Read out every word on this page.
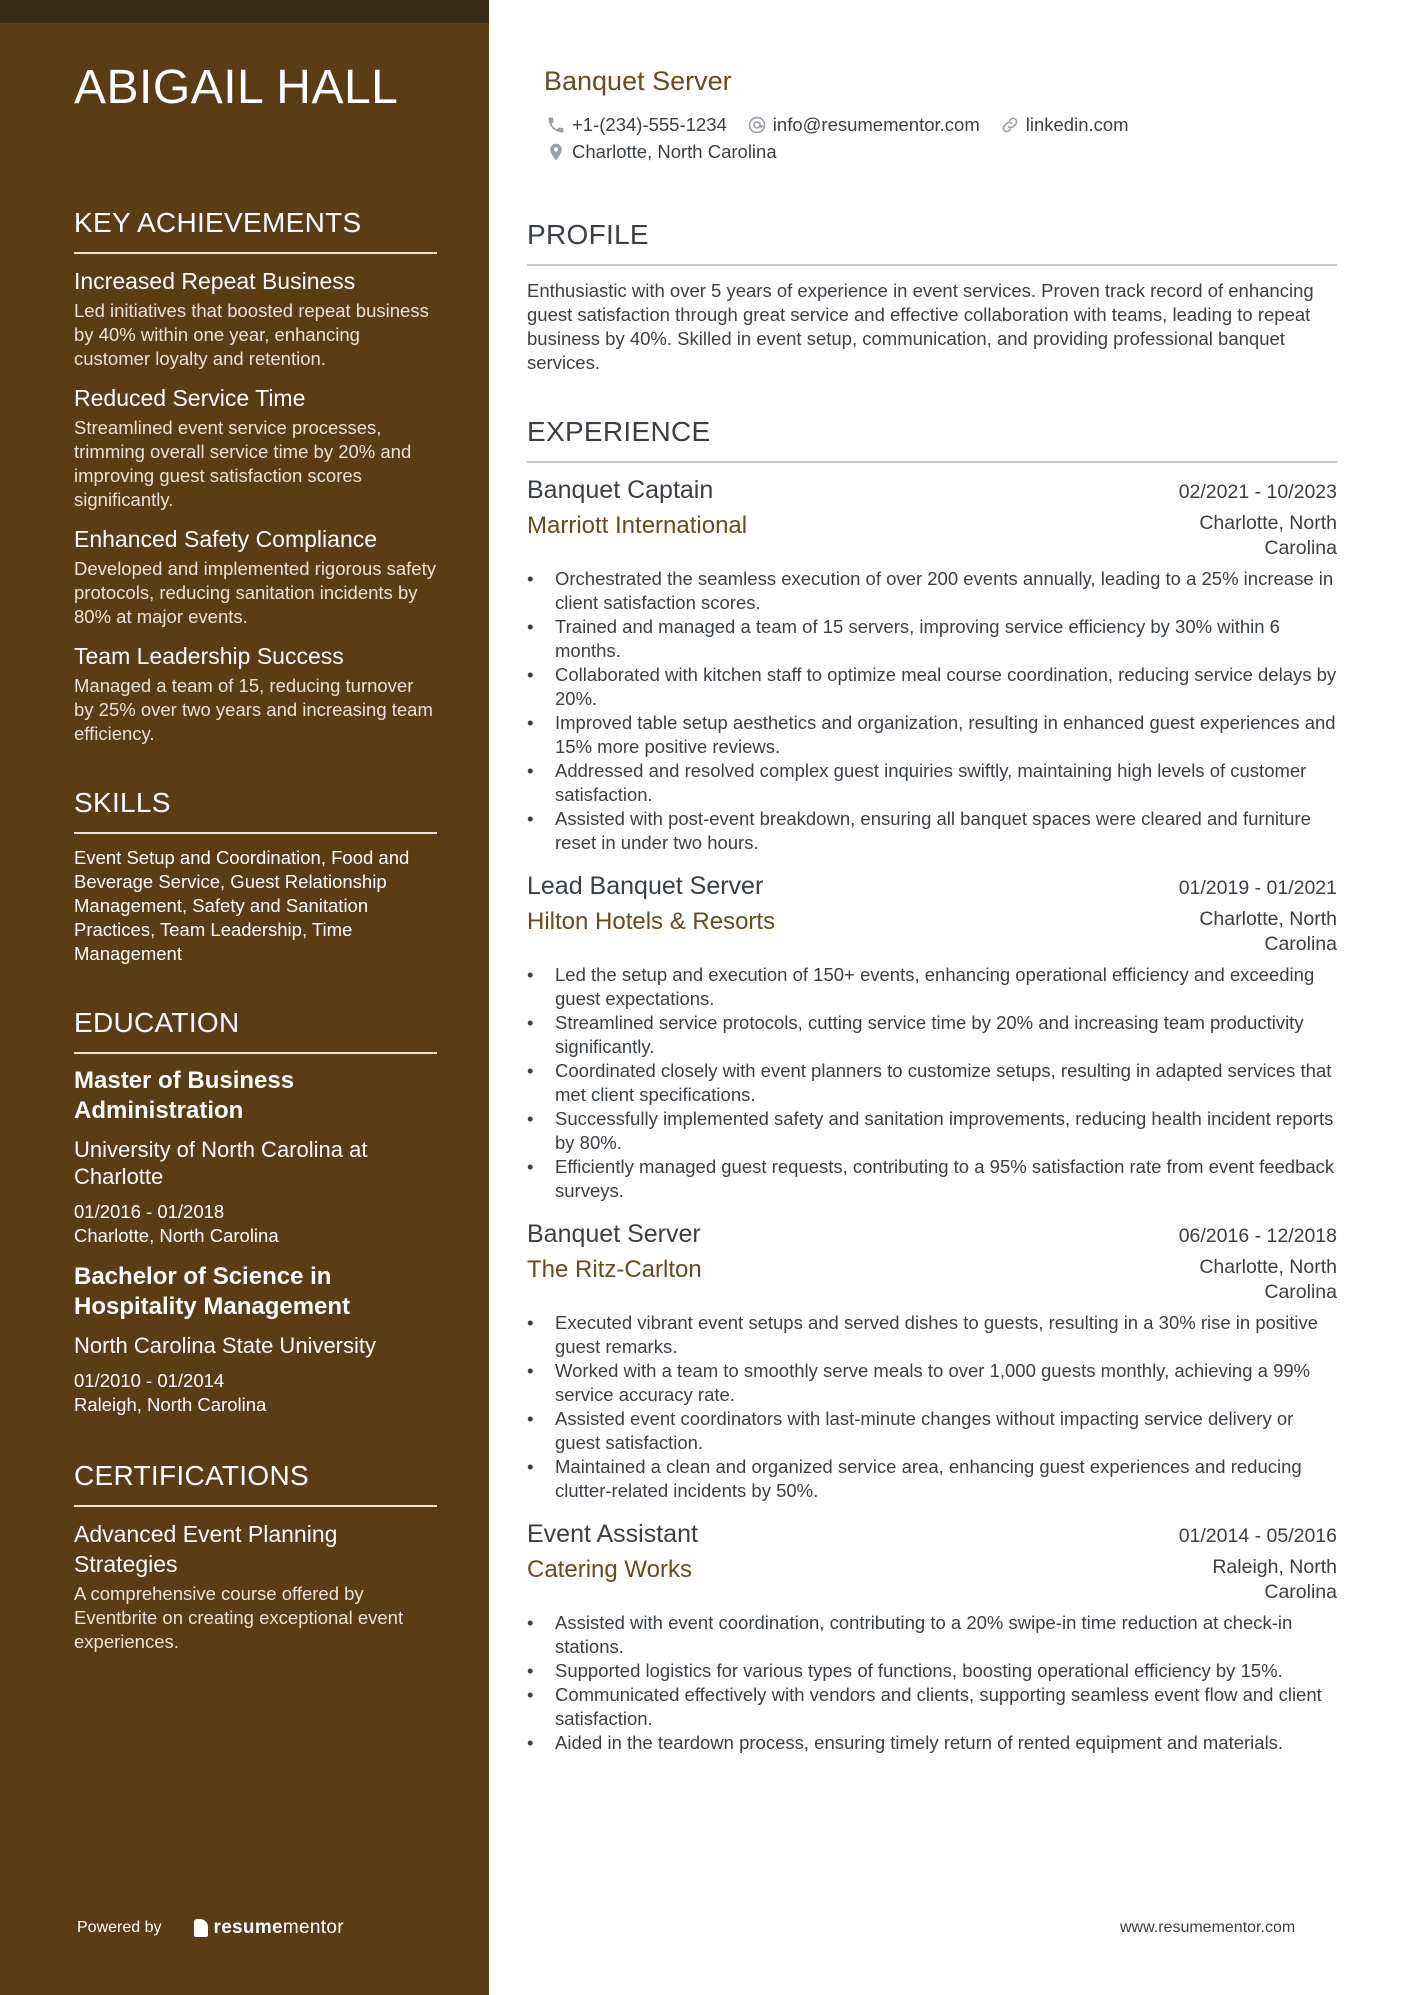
ABIGAIL HALL
KEY ACHIEVEMENTS
Increased Repeat Business
Led initiatives that boosted repeat business by 40% within one year, enhancing customer loyalty and retention.
Reduced Service Time
Streamlined event service processes, trimming overall service time by 20% and improving guest satisfaction scores significantly.
Enhanced Safety Compliance
Developed and implemented rigorous safety protocols, reducing sanitation incidents by 80% at major events.
Team Leadership Success
Managed a team of 15, reducing turnover by 25% over two years and increasing team efficiency.
SKILLS
Event Setup and Coordination, Food and Beverage Service, Guest Relationship Management, Safety and Sanitation Practices, Team Leadership, Time Management
EDUCATION
Master of Business Administration
University of North Carolina at Charlotte
01/2016 - 01/2018
Charlotte, North Carolina
Bachelor of Science in Hospitality Management
North Carolina State University
01/2010 - 01/2014
Raleigh, North Carolina
CERTIFICATIONS
Advanced Event Planning Strategies
A comprehensive course offered by Eventbrite on creating exceptional event experiences.
Powered by	resume mentor
Banquet Server
+1-(234)-555-1234 info@resumementor.com linkedin.com
Charlotte, North Carolina
PROFILE
Enthusiastic with over 5 years of experience in event services. Proven track record of enhancing guest satisfaction through great service and effective collaboration with teams, leading to repeat business by 40%. Skilled in event setup, communication, and providing professional banquet services.
EXPERIENCE
Banquet Captain	02/2021 - 10/2023
Marriott International	Charlotte, North Carolina
• Orchestrated the seamless execution of over 200 events annually, leading to a 25% increase in client satisfaction scores.
• Trained and managed a team of 15 servers, improving service efficiency by 30% within 6 months.
• Collaborated with kitchen staff to optimize meal course coordination, reducing service delays by 20%.
• Improved table setup aesthetics and organization, resulting in enhanced guest experiences and 15% more positive reviews.
• Addressed and resolved complex guest inquiries swiftly, maintaining high levels of customer satisfaction.
• Assisted with post-event breakdown, ensuring all banquet spaces were cleared and furniture reset in under two hours.
Lead Banquet Server	01/2019 - 01/2021
Hilton Hotels & Resorts	Charlotte, North Carolina
• Led the setup and execution of 150+ events, enhancing operational efficiency and exceeding guest expectations.
• Streamlined service protocols, cutting service time by 20% and increasing team productivity significantly.
• Coordinated closely with event planners to customize setups, resulting in adapted services that met client specifications.
• Successfully implemented safety and sanitation improvements, reducing health incident reports by 80%.
• Efficiently managed guest requests, contributing to a 95% satisfaction rate from event feedback surveys.
Banquet Server	06/2016 - 12/2018
The Ritz-Carlton	Charlotte, North Carolina
• Executed vibrant event setups and served dishes to guests, resulting in a 30% rise in positive guest remarks.
• Worked with a team to smoothly serve meals to over 1,000 guests monthly, achieving a 99% service accuracy rate.
• Assisted event coordinators with last-minute changes without impacting service delivery or guest satisfaction.
• Maintained a clean and organized service area, enhancing guest experiences and reducing clutter-related incidents by 50%.
Event Assistant	01/2014 - 05/2016
Catering Works	Raleigh, North Carolina
• Assisted with event coordination, contributing to a 20% swipe-in time reduction at check-in stations.
• Supported logistics for various types of functions, boosting operational efficiency by 15%.
• Communicated effectively with vendors and clients, supporting seamless event flow and client satisfaction.
• Aided in the teardown process, ensuring timely return of rented equipment and materials.
www.resumementor.com
